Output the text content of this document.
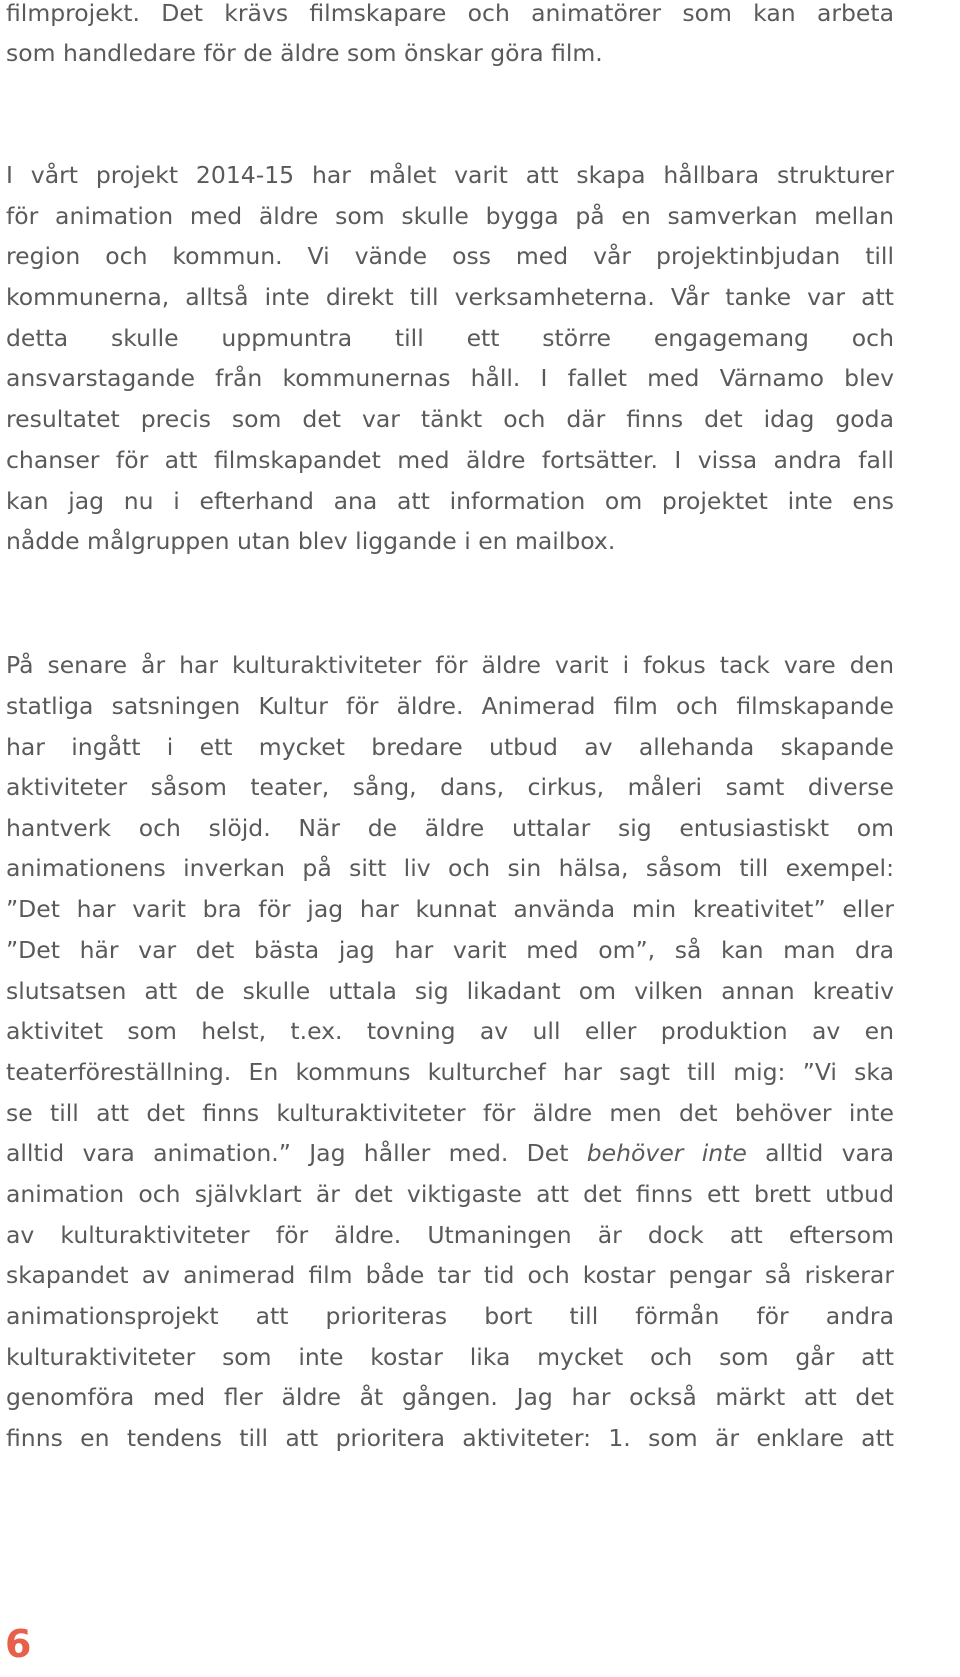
filmprojekt. Det krävs filmskapare och animatörer som kan arbeta
som handledare för de äldre som önskar göra film.
I vårt projekt 2014-15 har målet varit att skapa hållbara strukturer
för animation med äldre som skulle bygga på en samverkan mellan
region och kommun. Vi vände oss med vår projektinbjudan till
kommunerna, alltså inte direkt till verksamheterna. Vår tanke var att
detta skulle uppmuntra till ett större engagemang och
ansvarstagande från kommunernas håll. I fallet med Värnamo blev
resultatet precis som det var tänkt och där finns det idag goda
chanser för att filmskapandet med äldre fortsätter. I vissa andra fall
kan jag nu i efterhand ana att information om projektet inte ens
nådde målgruppen utan blev liggande i en mailbox.
På senare år har kulturaktiviteter för äldre varit i fokus tack vare den
statliga satsningen Kultur för äldre. Animerad film och filmskapande
har ingått i ett mycket bredare utbud av allehanda skapande
aktiviteter såsom teater, sång, dans, cirkus, måleri samt diverse
hantverk och slöjd. När de äldre uttalar sig entusiastiskt om
animationens inverkan på sitt liv och sin hälsa, såsom till exempel:
”Det har varit bra för jag har kunnat använda min kreativitet” eller
”Det här var det bästa jag har varit med om”, så kan man dra
slutsatsen att de skulle uttala sig likadant om vilken annan kreativ
aktivitet som helst, t.ex. tovning av ull eller produktion av en
teaterföreställning. En kommuns kulturchef har sagt till mig: ”Vi ska
se till att det finns kulturaktiviteter för äldre men det behöver inte
alltid vara animation.” Jag håller med. Det behöver inte alltid vara
animation och självklart är det viktigaste att det finns ett brett utbud
av kulturaktiviteter för äldre. Utmaningen är dock att eftersom
skapandet av animerad film både tar tid och kostar pengar så riskerar
animationsprojekt att prioriteras bort till förmån för andra
kulturaktiviteter som inte kostar lika mycket och som går att
genomföra med fler äldre åt gången. Jag har också märkt att det
finns en tendens till att prioritera aktiviteter: 1. som är enklare att
6
